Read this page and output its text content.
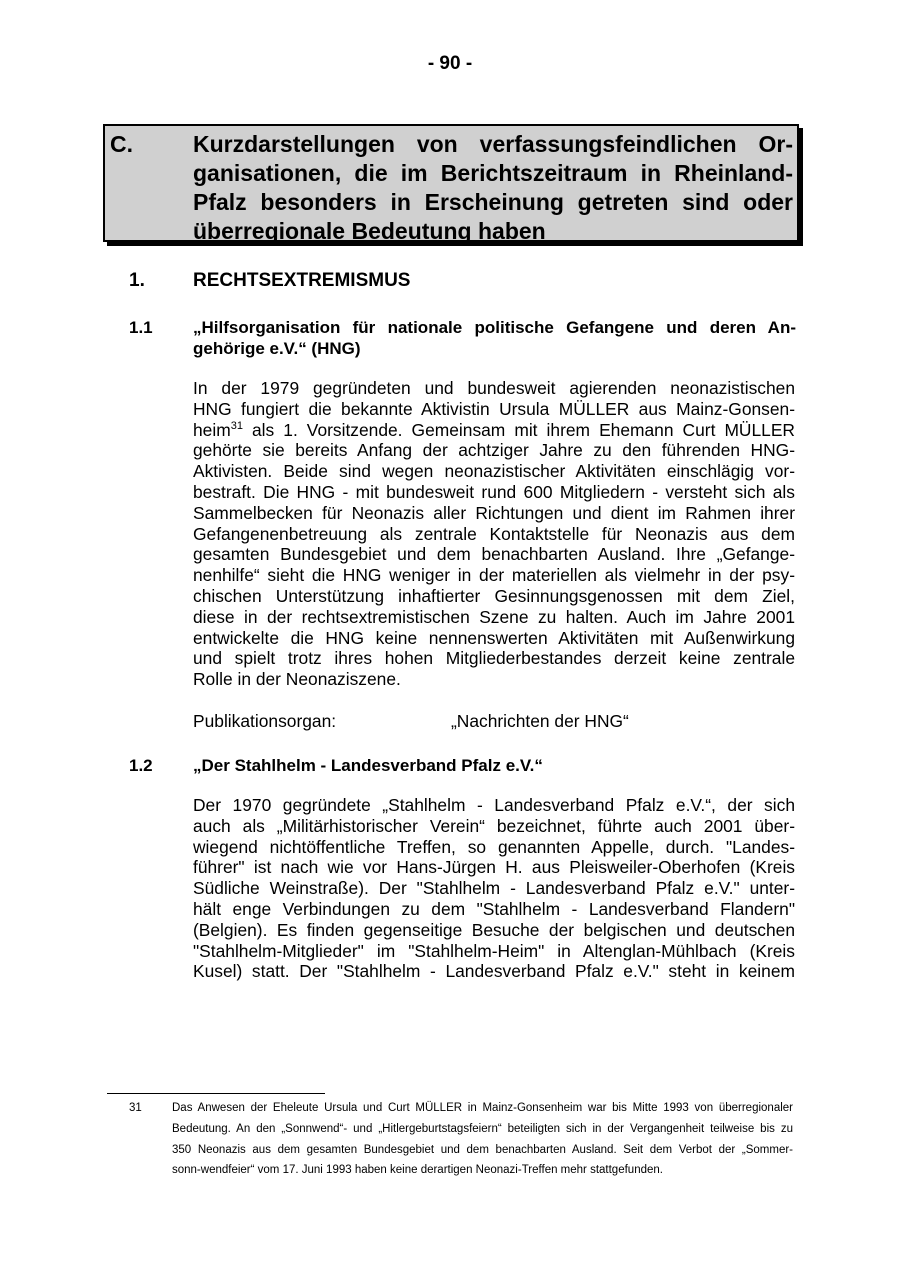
- 90 -
C.	Kurzdarstellungen von verfassungsfeindlichen Or-
ganisationen, die im Berichtszeitraum in Rheinland-
Pfalz besonders in Erscheinung getreten sind oder
überregionale Bedeutung haben
1.	RECHTSEXTREMISMUS
1.1 „Hilfsorganisation für nationale politische Gefangene und deren An-
gehörige e.V.“ (HNG)
In der 1979 gegründeten und bundesweit agierenden neonazistischen
HNG fungiert die bekannte Aktivistin Ursula MÜLLER aus Mainz-Gonsen-
heim$^{31}$ als 1. Vorsitzende. Gemeinsam mit ihrem Ehemann Curt MÜLLER
gehörte sie bereits Anfang der achtziger Jahre zu den führenden HNG-
Aktivisten. Beide sind wegen neonazistischer Aktivitäten einschlägig vor-
bestraft. Die HNG - mit bundesweit rund 600 Mitgliedern - versteht sich als
Sammelbecken für Neonazis aller Richtungen und dient im Rahmen ihrer
Gefangenenbetreuung als zentrale Kontaktstelle für Neonazis aus dem
gesamten Bundesgebiet und dem benachbarten Ausland. Ihre „Gefange-
nenhilfe“ sieht die HNG weniger in der materiellen als vielmehr in der psy-
chischen Unterstützung inhaftierter Gesinnungsgenossen mit dem Ziel,
diese in der rechtsextremistischen Szene zu halten. Auch im Jahre 2001
entwickelte die HNG keine nennenswerten Aktivitäten mit Außenwirkung
und spielt trotz ihres hohen Mitgliederbestandes derzeit keine zentrale
Rolle in der Neonaziszene.
Publikationsorgan:	„Nachrichten der HNG“
1.2 „Der Stahlhelm - Landesverband Pfalz e.V.“
Der 1970 gegründete „Stahlhelm - Landesverband Pfalz e.V.“, der sich
auch als „Militärhistorischer Verein“ bezeichnet, führte auch 2001 über-
wiegend nichtöffentliche Treffen, so genannten Appelle, durch. "Landes-
führer" ist nach wie vor Hans-Jürgen H. aus Pleisweiler-Oberhofen (Kreis
Südliche Weinstraße). Der "Stahlhelm - Landesverband Pfalz e.V." unter-
hält enge Verbindungen zu dem "Stahlhelm - Landesverband Flandern"
(Belgien). Es finden gegenseitige Besuche der belgischen und deutschen
"Stahlhelm-Mitglieder" im "Stahlhelm-Heim" in Altenglan-Mühlbach (Kreis
Kusel) statt. Der "Stahlhelm - Landesverband Pfalz e.V." steht in keinem
31	Das Anwesen der Eheleute Ursula und Curt MÜLLER in Mainz-Gonsenheim war bis Mitte 1993 von überregionaler
Bedeutung. An den „Sonnwend“- und „Hitlergeburtstagsfeiern“ beteiligten sich in der Vergangenheit teilweise bis zu
350 Neonazis aus dem gesamten Bundesgebiet und dem benachbarten Ausland. Seit dem Verbot der „Sommer-
sonn-wendfeier“ vom 17. Juni 1993 haben keine derartigen Neonazi-Treffen mehr stattgefunden.
